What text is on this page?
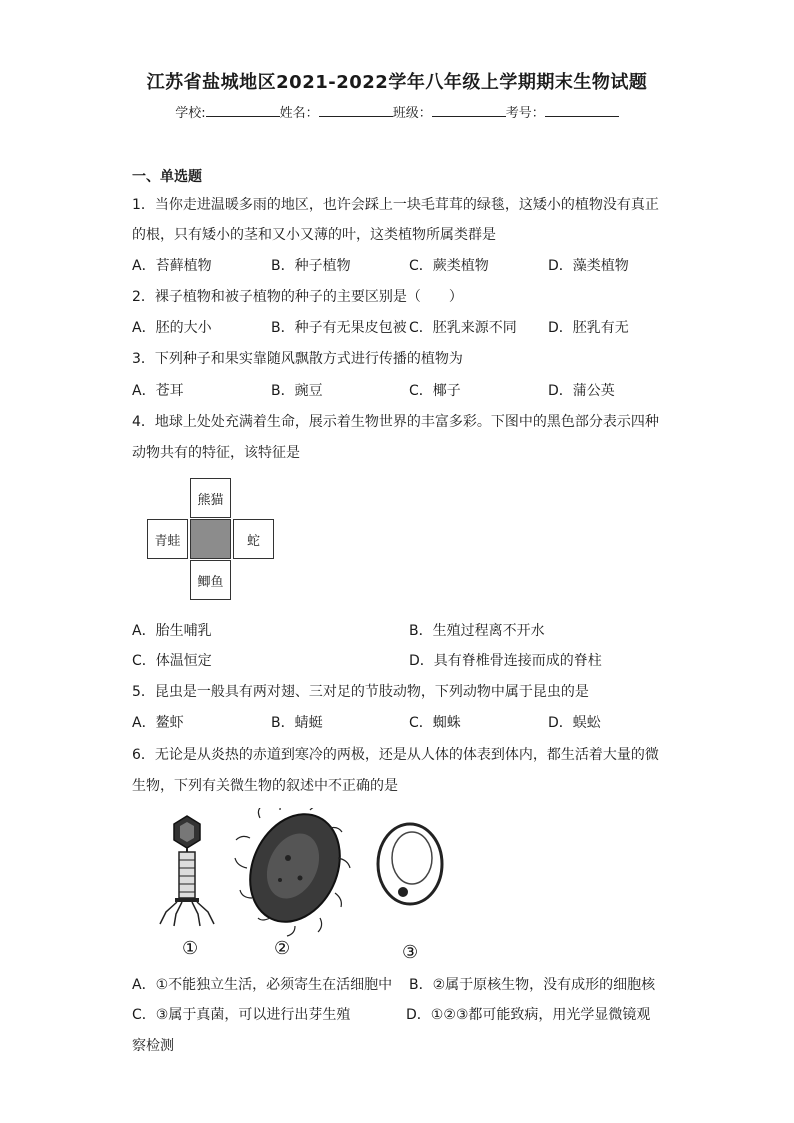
江苏省盐城地区2021-2022学年八年级上学期期末生物试题
学校:	姓名：	班级：	考号：
一、单选题
1．当你走进温暖多雨的地区，也许会踩上一块毛茸茸的绿毯，这矮小的植物没有真正
的根，只有矮小的茎和又小又薄的叶，这类植物所属类群是
A．苔藓植物	B．种子植物	C．蕨类植物	D．藻类植物
2．裸子植物和被子植物的种子的主要区别是（　　）
A．胚的大小	B．种子有无果皮包被 C．胚乳来源不同 D．胚乳有无
3．下列种子和果实靠随风飘散方式进行传播的植物为
A．苍耳	B．豌豆	C．椰子	D．蒲公英
4．地球上处处充满着生命，展示着生物世界的丰富多彩。下图中的黑色部分表示四种
动物共有的特征，该特征是
熊猫
青蛙	蛇
鲫鱼
A．胎生哺乳	B．生殖过程离不开水
C．体温恒定	D．具有脊椎骨连接而成的脊柱
5．昆虫是一般具有两对翅、三对足的节肢动物，下列动物中属于昆虫的是
A．鳌虾	B．蜻蜓	C．蜘蛛	D．蜈蚣
6．无论是从炎热的赤道到寒冷的两极，还是从人体的体表到体内，都生活着大量的微
生物，下列有关微生物的叙述中不正确的是
①	②	③
A．①不能独立生活，必须寄生在活细胞中 B．②属于原核生物，没有成形的细胞核
C．③属于真菌，可以进行出芽生殖	D．①②③都可能致病，用光学显微镜观
察检测
